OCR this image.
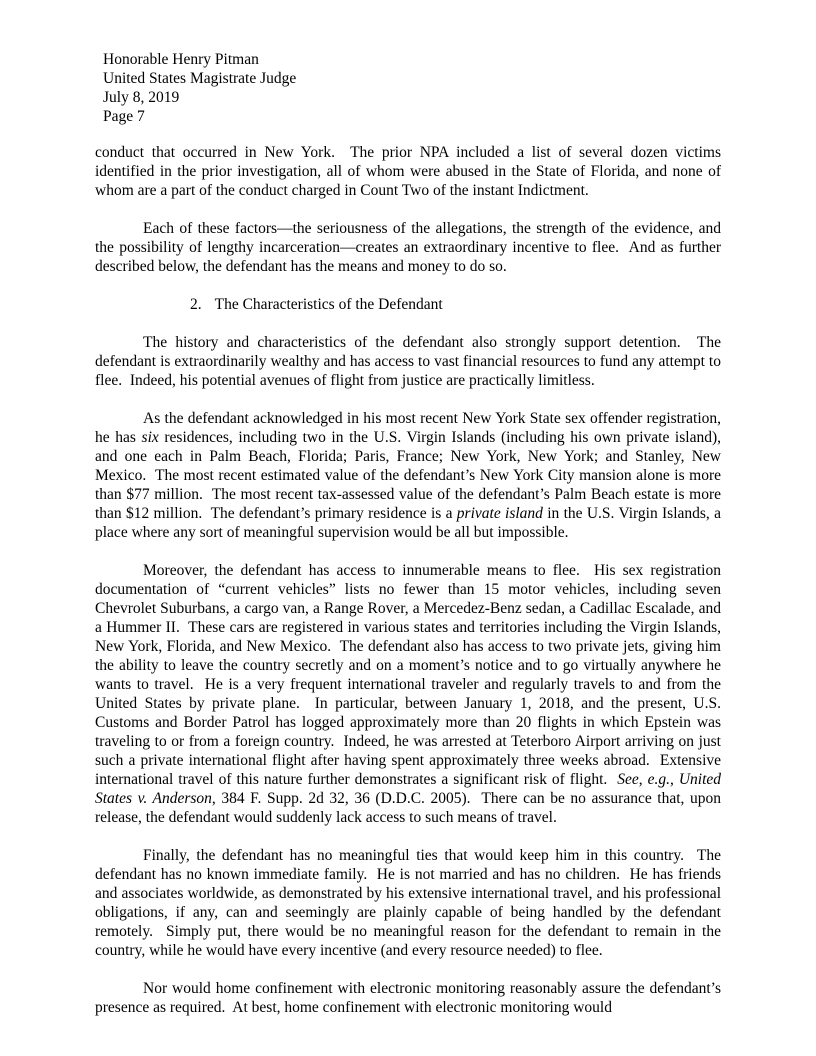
Honorable Henry Pitman
United States Magistrate Judge
July 8, 2019
Page 7

conduct that occurred in New York.  The prior NPA included a list of several dozen victims identified in the prior investigation, all of whom were abused in the State of Florida, and none of whom are a part of the conduct charged in Count Two of the instant Indictment.

Each of these factors—the seriousness of the allegations, the strength of the evidence, and the possibility of lengthy incarceration—creates an extraordinary incentive to flee.  And as further described below, the defendant has the means and money to do so.

2. The Characteristics of the Defendant

The history and characteristics of the defendant also strongly support detention.  The defendant is extraordinarily wealthy and has access to vast financial resources to fund any attempt to flee.  Indeed, his potential avenues of flight from justice are practically limitless.

As the defendant acknowledged in his most recent New York State sex offender registration, he has six residences, including two in the U.S. Virgin Islands (including his own private island), and one each in Palm Beach, Florida; Paris, France; New York, New York; and Stanley, New Mexico.  The most recent estimated value of the defendant’s New York City mansion alone is more than $77 million.  The most recent tax-assessed value of the defendant’s Palm Beach estate is more than $12 million.  The defendant’s primary residence is a private island in the U.S. Virgin Islands, a place where any sort of meaningful supervision would be all but impossible.

Moreover, the defendant has access to innumerable means to flee.  His sex registration documentation of “current vehicles” lists no fewer than 15 motor vehicles, including seven Chevrolet Suburbans, a cargo van, a Range Rover, a Mercedez-Benz sedan, a Cadillac Escalade, and a Hummer II.  These cars are registered in various states and territories including the Virgin Islands, New York, Florida, and New Mexico.  The defendant also has access to two private jets, giving him the ability to leave the country secretly and on a moment’s notice and to go virtually anywhere he wants to travel.  He is a very frequent international traveler and regularly travels to and from the United States by private plane.  In particular, between January 1, 2018, and the present, U.S. Customs and Border Patrol has logged approximately more than 20 flights in which Epstein was traveling to or from a foreign country.  Indeed, he was arrested at Teterboro Airport arriving on just such a private international flight after having spent approximately three weeks abroad.  Extensive international travel of this nature further demonstrates a significant risk of flight.  See, e.g., United States v. Anderson, 384 F. Supp. 2d 32, 36 (D.D.C. 2005).  There can be no assurance that, upon release, the defendant would suddenly lack access to such means of travel.

Finally, the defendant has no meaningful ties that would keep him in this country.  The defendant has no known immediate family.  He is not married and has no children.  He has friends and associates worldwide, as demonstrated by his extensive international travel, and his professional obligations, if any, can and seemingly are plainly capable of being handled by the defendant remotely.  Simply put, there would be no meaningful reason for the defendant to remain in the country, while he would have every incentive (and every resource needed) to flee.

Nor would home confinement with electronic monitoring reasonably assure the defendant’s presence as required.  At best, home confinement with electronic monitoring would
